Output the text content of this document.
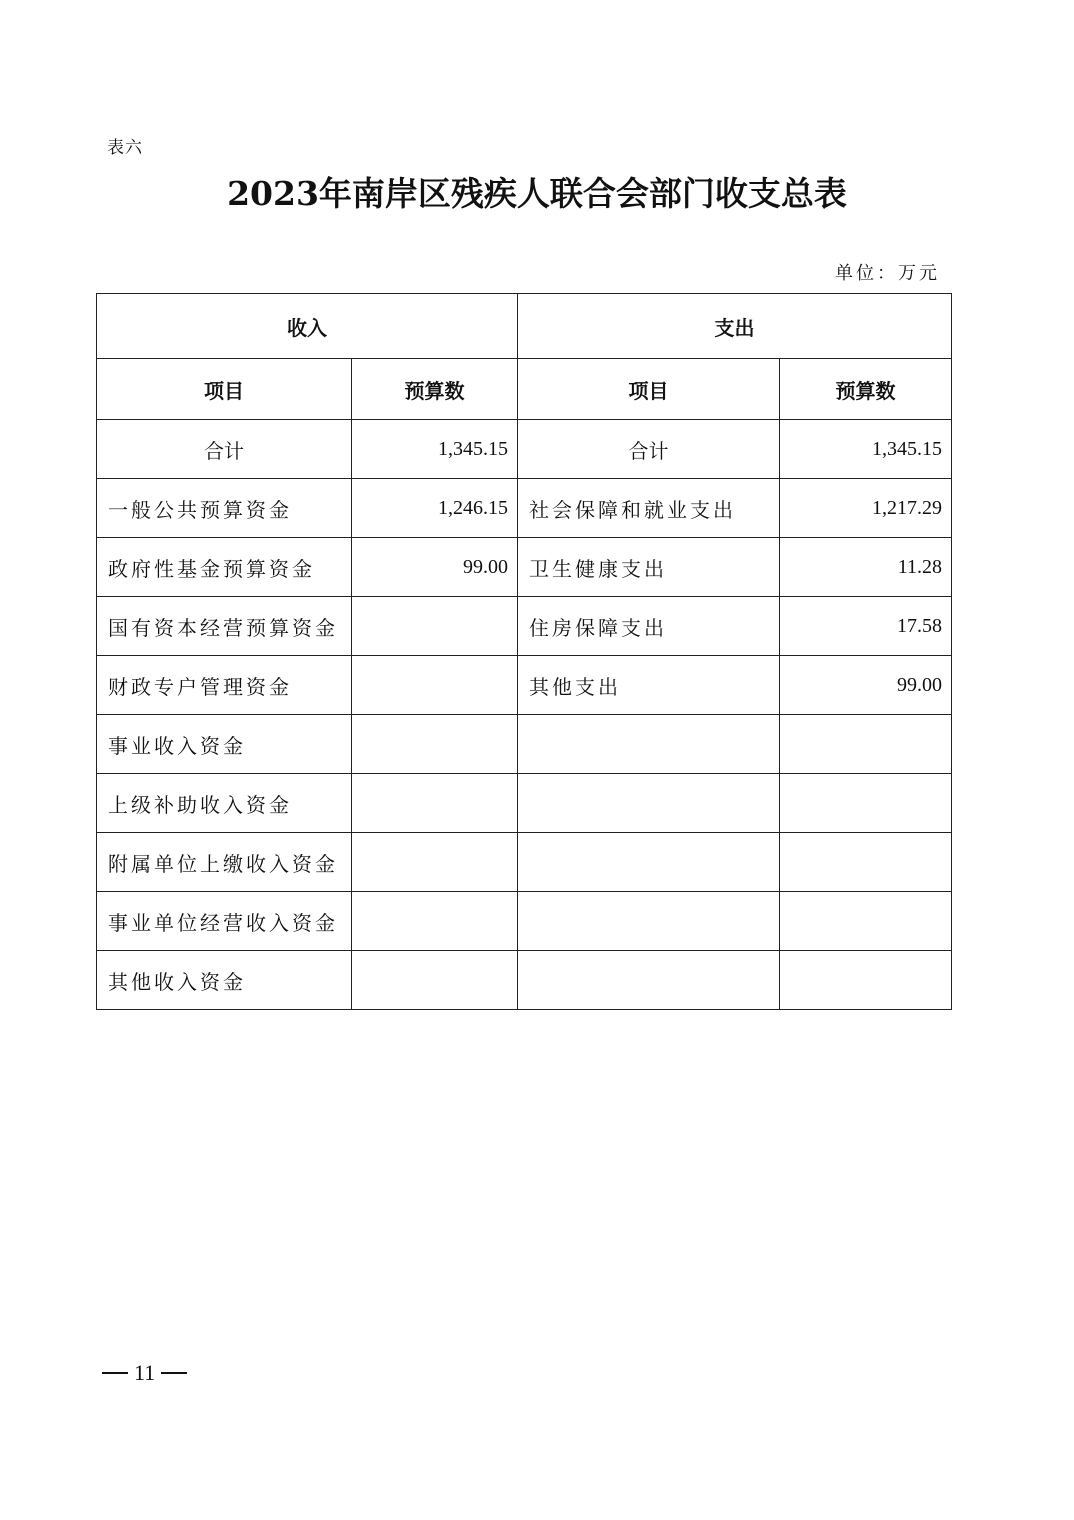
表六
2023年南岸区残疾人联合会部门收支总表
单位：万元
收入		支出	
项目	预算数	项目	预算数
合计	1,345.15	合计	1,345.15
一般公共预算资金	1,246.15	社会保障和就业支出	1,217.29
政府性基金预算资金	99.00	卫生健康支出	11.28
国有资本经营预算资金		住房保障支出	17.58
财政专户管理资金		其他支出	99.00
事业收入资金			
上级补助收入资金			
附属单位上缴收入资金			
事业单位经营收入资金			
其他收入资金			
11
